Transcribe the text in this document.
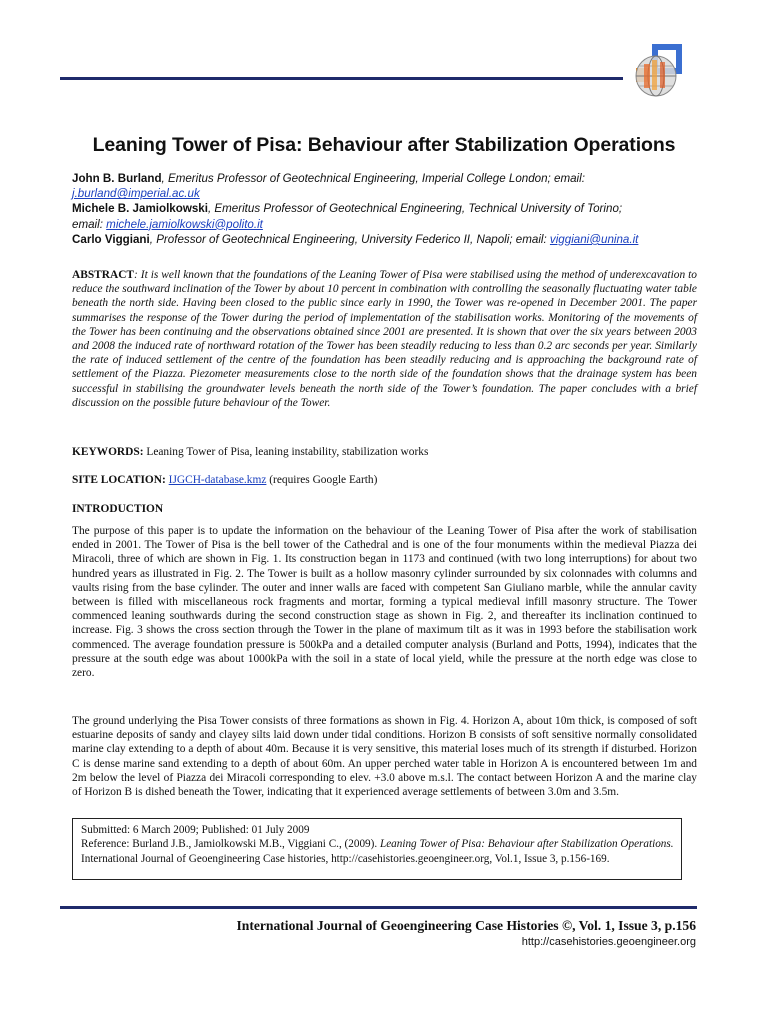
Leaning Tower of Pisa: Behaviour after Stabilization Operations
John B. Burland, Emeritus Professor of Geotechnical Engineering, Imperial College London; email:
j.burland@imperial.ac.uk
Michele B. Jamiolkowski, Emeritus Professor of Geotechnical Engineering, Technical University of Torino;
email: michele.jamiolkowski@polito.it
Carlo Viggiani, Professor of Geotechnical Engineering, University Federico II, Napoli; email: viggiani@unina.it
ABSTRACT: It is well known that the foundations of the Leaning Tower of Pisa were stabilised using the method of underexcavation to reduce the southward inclination of the Tower by about 10 percent in combination with controlling the seasonally fluctuating water table beneath the north side. Having been closed to the public since early in 1990, the Tower was re-opened in December 2001. The paper summarises the response of the Tower during the period of implementation of the stabilisation works. Monitoring of the movements of the Tower has been continuing and the observations obtained since 2001 are presented. It is shown that over the six years between 2003 and 2008 the induced rate of northward rotation of the Tower has been steadily reducing to less than 0.2 arc seconds per year. Similarly the rate of induced settlement of the centre of the foundation has been steadily reducing and is approaching the background rate of settlement of the Piazza. Piezometer measurements close to the north side of the foundation shows that the drainage system has been successful in stabilising the groundwater levels beneath the north side of the Tower’s foundation. The paper concludes with a brief discussion on the possible future behaviour of the Tower.
KEYWORDS: Leaning Tower of Pisa, leaning instability, stabilization works
SITE LOCATION: IJGCH-database.kmz (requires Google Earth)
INTRODUCTION
The purpose of this paper is to update the information on the behaviour of the Leaning Tower of Pisa after the work of stabilisation ended in 2001. The Tower of Pisa is the bell tower of the Cathedral and is one of the four monuments within the medieval Piazza dei Miracoli, three of which are shown in Fig. 1. Its construction began in 1173 and continued (with two long interruptions) for about two hundred years as illustrated in Fig. 2. The Tower is built as a hollow masonry cylinder surrounded by six colonnades with columns and vaults rising from the base cylinder. The outer and inner walls are faced with competent San Giuliano marble, while the annular cavity between is filled with miscellaneous rock fragments and mortar, forming a typical medieval infill masonry structure. The Tower commenced leaning southwards during the second construction stage as shown in Fig. 2, and thereafter its inclination continued to increase. Fig. 3 shows the cross section through the Tower in the plane of maximum tilt as it was in 1993 before the stabilisation work commenced. The average foundation pressure is 500kPa and a detailed computer analysis (Burland and Potts, 1994), indicates that the pressure at the south edge was about 1000kPa with the soil in a state of local yield, while the pressure at the north edge was close to zero.
The ground underlying the Pisa Tower consists of three formations as shown in Fig. 4. Horizon A, about 10m thick, is composed of soft estuarine deposits of sandy and clayey silts laid down under tidal conditions. Horizon B consists of soft sensitive normally consolidated marine clay extending to a depth of about 40m. Because it is very sensitive, this material loses much of its strength if disturbed. Horizon C is dense marine sand extending to a depth of about 60m. An upper perched water table in Horizon A is encountered between 1m and 2m below the level of Piazza dei Miracoli corresponding to elev. +3.0 above m.s.l. The contact between Horizon A and the marine clay of Horizon B is dished beneath the Tower, indicating that it experienced average settlements of between 3.0m and 3.5m.
Submitted: 6 March 2009; Published: 01 July 2009
Reference: Burland J.B., Jamiolkowski M.B., Viggiani C., (2009). Leaning Tower of Pisa: Behaviour after Stabilization Operations. International Journal of Geoengineering Case histories, http://casehistories.geoengineer.org, Vol.1, Issue 3, p.156-169.
International Journal of Geoengineering Case Histories ©, Vol. 1, Issue 3, p.156
http://casehistories.geoengineer.org
